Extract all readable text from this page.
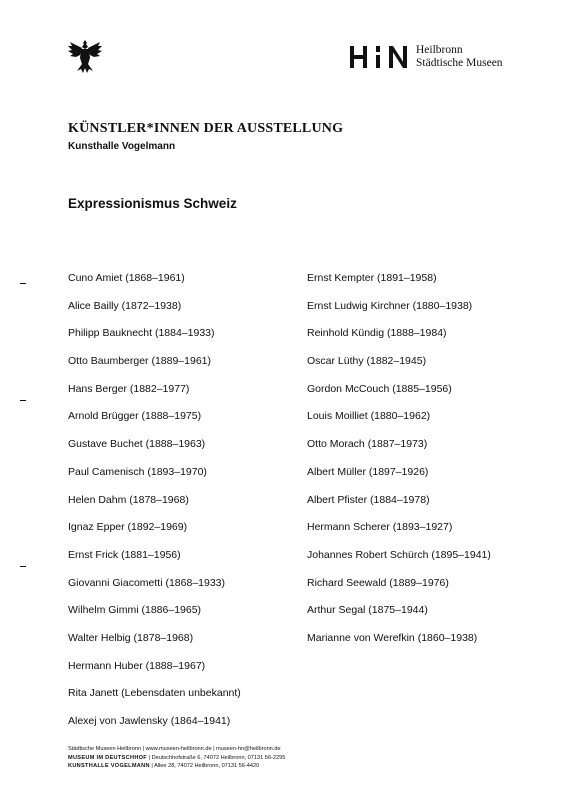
Heilbronn
Städtische Museen
KÜNSTLER*INNEN DER AUSSTELLUNG

Kunsthalle Vogelmann

Expressionismus Schweiz
Cuno Amiet (1868–1961)
Alice Bailly (1872–1938)
Philipp Bauknecht (1884–1933)
Otto Baumberger (1889–1961)
Hans Berger (1882–1977)
Arnold Brügger (1888–1975)
Gustave Buchet (1888–1963)
Paul Camenisch (1893–1970)
Helen Dahm (1878–1968)
Ignaz Epper (1892–1969)
Ernst Frick (1881–1956)
Giovanni Giacometti (1868–1933)
Wilhelm Gimmi (1886–1965)
Walter Helbig (1878–1968)
Hermann Huber (1888–1967)
Rita Janett (Lebensdaten unbekannt)
Alexej von Jawlensky (1864–1941)
Ernst Kempter (1891–1958)
Ernst Ludwig Kirchner (1880–1938)
Reinhold Kündig (1888–1984)
Oscar Lüthy (1882–1945)
Gordon McCouch (1885–1956)
Louis Moilliet (1880–1962)
Otto Morach (1887–1973)
Albert Müller (1897–1926)
Albert Pfister (1884–1978)
Hermann Scherer (1893–1927)
Johannes Robert Schürch (1895–1941)
Richard Seewald (1889–1976)
Arthur Segal (1875–1944)
Marianne von Werefkin (1860–1938)
Städtische Museen Heilbronn | www.museen-heilbronn.de | museen-hn@heilbronn.de
MUSEUM IM DEUTSCHHOF | Deutschhofstraße 6, 74072 Heilbronn, 07131 56-2295
KUNSTHALLE VOGELMANN | Allee 28, 74072 Heilbronn, 07131 56-4420
